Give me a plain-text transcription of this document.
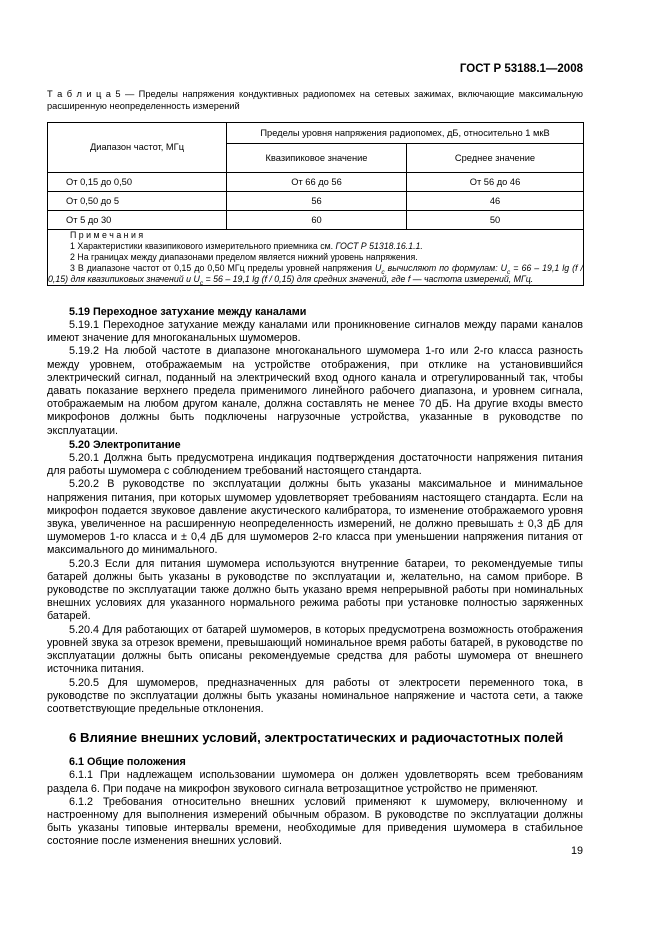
ГОСТ Р 53188.1—2008
Т а б л и ц а 5 — Пределы напряжения кондуктивных радиопомех на сетевых зажимах, включающие максимальную расширенную неопределенность измерений
Диапазон частот, МГц	Пределы уровня напряжения радиопомех, дБ, относительно 1 мкВ	
	Квазипиковое значение	Среднее значение
От 0,15 до 0,50	От 66 до 56	От 56 до 46
От 0,50 до 5	56	46
От 5 до 30	60	50

П р и м е ч а н и я
1 Характеристики квазипикового измерительного приемника см. ГОСТ Р 51318.16.1.1.
2 На границах между диапазонами пределом является нижний уровень напряжения.
3 В диапазоне частот от 0,15 до 0,50 МГц пределы уровней напряжения $U_c$ вычисляют по формулам: $U_c = 66 - 19,1$ lg (f / 0,15) для квазипиковых значений и $U_c = 56 - 19,1$ lg (f / 0,15) для средних значений, где f — частота измерений, МГц.		
5.19 Переходное затухание между каналами

5.19.1 Переходное затухание между каналами или проникновение сигналов между парами каналов имеют значение для многоканальных шумомеров.

5.19.2 На любой частоте в диапазоне многоканального шумомера 1-го или 2-го класса разность между уровнем, отображаемым на устройстве отображения, при отклике на установившийся электрический сигнал, поданный на электрический вход одного канала и отрегулированный так, чтобы давать показание верхнего предела применимого линейного рабочего диапазона, и уровнем сигнала, отображаемым на любом другом канале, должна составлять не менее 70 дБ. На другие входы вместо микрофонов должны быть подключены нагрузочные устройства, указанные в руководстве по эксплуатации.

5.20 Электропитание

5.20.1 Должна быть предусмотрена индикация подтверждения достаточности напряжения питания для работы шумомера с соблюдением требований настоящего стандарта.

5.20.2 В руководстве по эксплуатации должны быть указаны максимальное и минимальное напряжения питания, при которых шумомер удовлетворяет требованиям настоящего стандарта. Если на микрофон подается звуковое давление акустического калибратора, то изменение отображаемого уровня звука, увеличенное на расширенную неопределенность измерений, не должно превышать ± 0,3 дБ для шумомеров 1-го класса и ± 0,4 дБ для шумомеров 2-го класса при уменьшении напряжения питания от максимального до минимального.

5.20.3 Если для питания шумомера используются внутренние батареи, то рекомендуемые типы батарей должны быть указаны в руководстве по эксплуатации и, желательно, на самом приборе. В руководстве по эксплуатации также должно быть указано время непрерывной работы при номинальных внешних условиях для указанного нормального режима работы при установке полностью заряженных батарей.

5.20.4 Для работающих от батарей шумомеров, в которых предусмотрена возможность отображения уровней звука за отрезок времени, превышающий номинальное время работы батарей, в руководстве по эксплуатации должны быть описаны рекомендуемые средства для работы шумомера от внешнего источника питания.

5.20.5 Для шумомеров, предназначенных для работы от электросети переменного тока, в руководстве по эксплуатации должны быть указаны номинальное напряжение и частота сети, а также соответствующие предельные отклонения.

6 Влияние внешних условий, электростатических и радиочастотных полей
6.1 Общие положения

6.1.1 При надлежащем использовании шумомера он должен удовлетворять всем требованиям раздела 6. При подаче на микрофон звукового сигнала ветрозащитное устройство не применяют.

6.1.2 Требования относительно внешних условий применяют к шумомеру, включенному и настроенному для выполнения измерений обычным образом. В руководстве по эксплуатации должны быть указаны типовые интервалы времени, необходимые для приведения шумомера в стабильное состояние после изменения внешних условий.

19
